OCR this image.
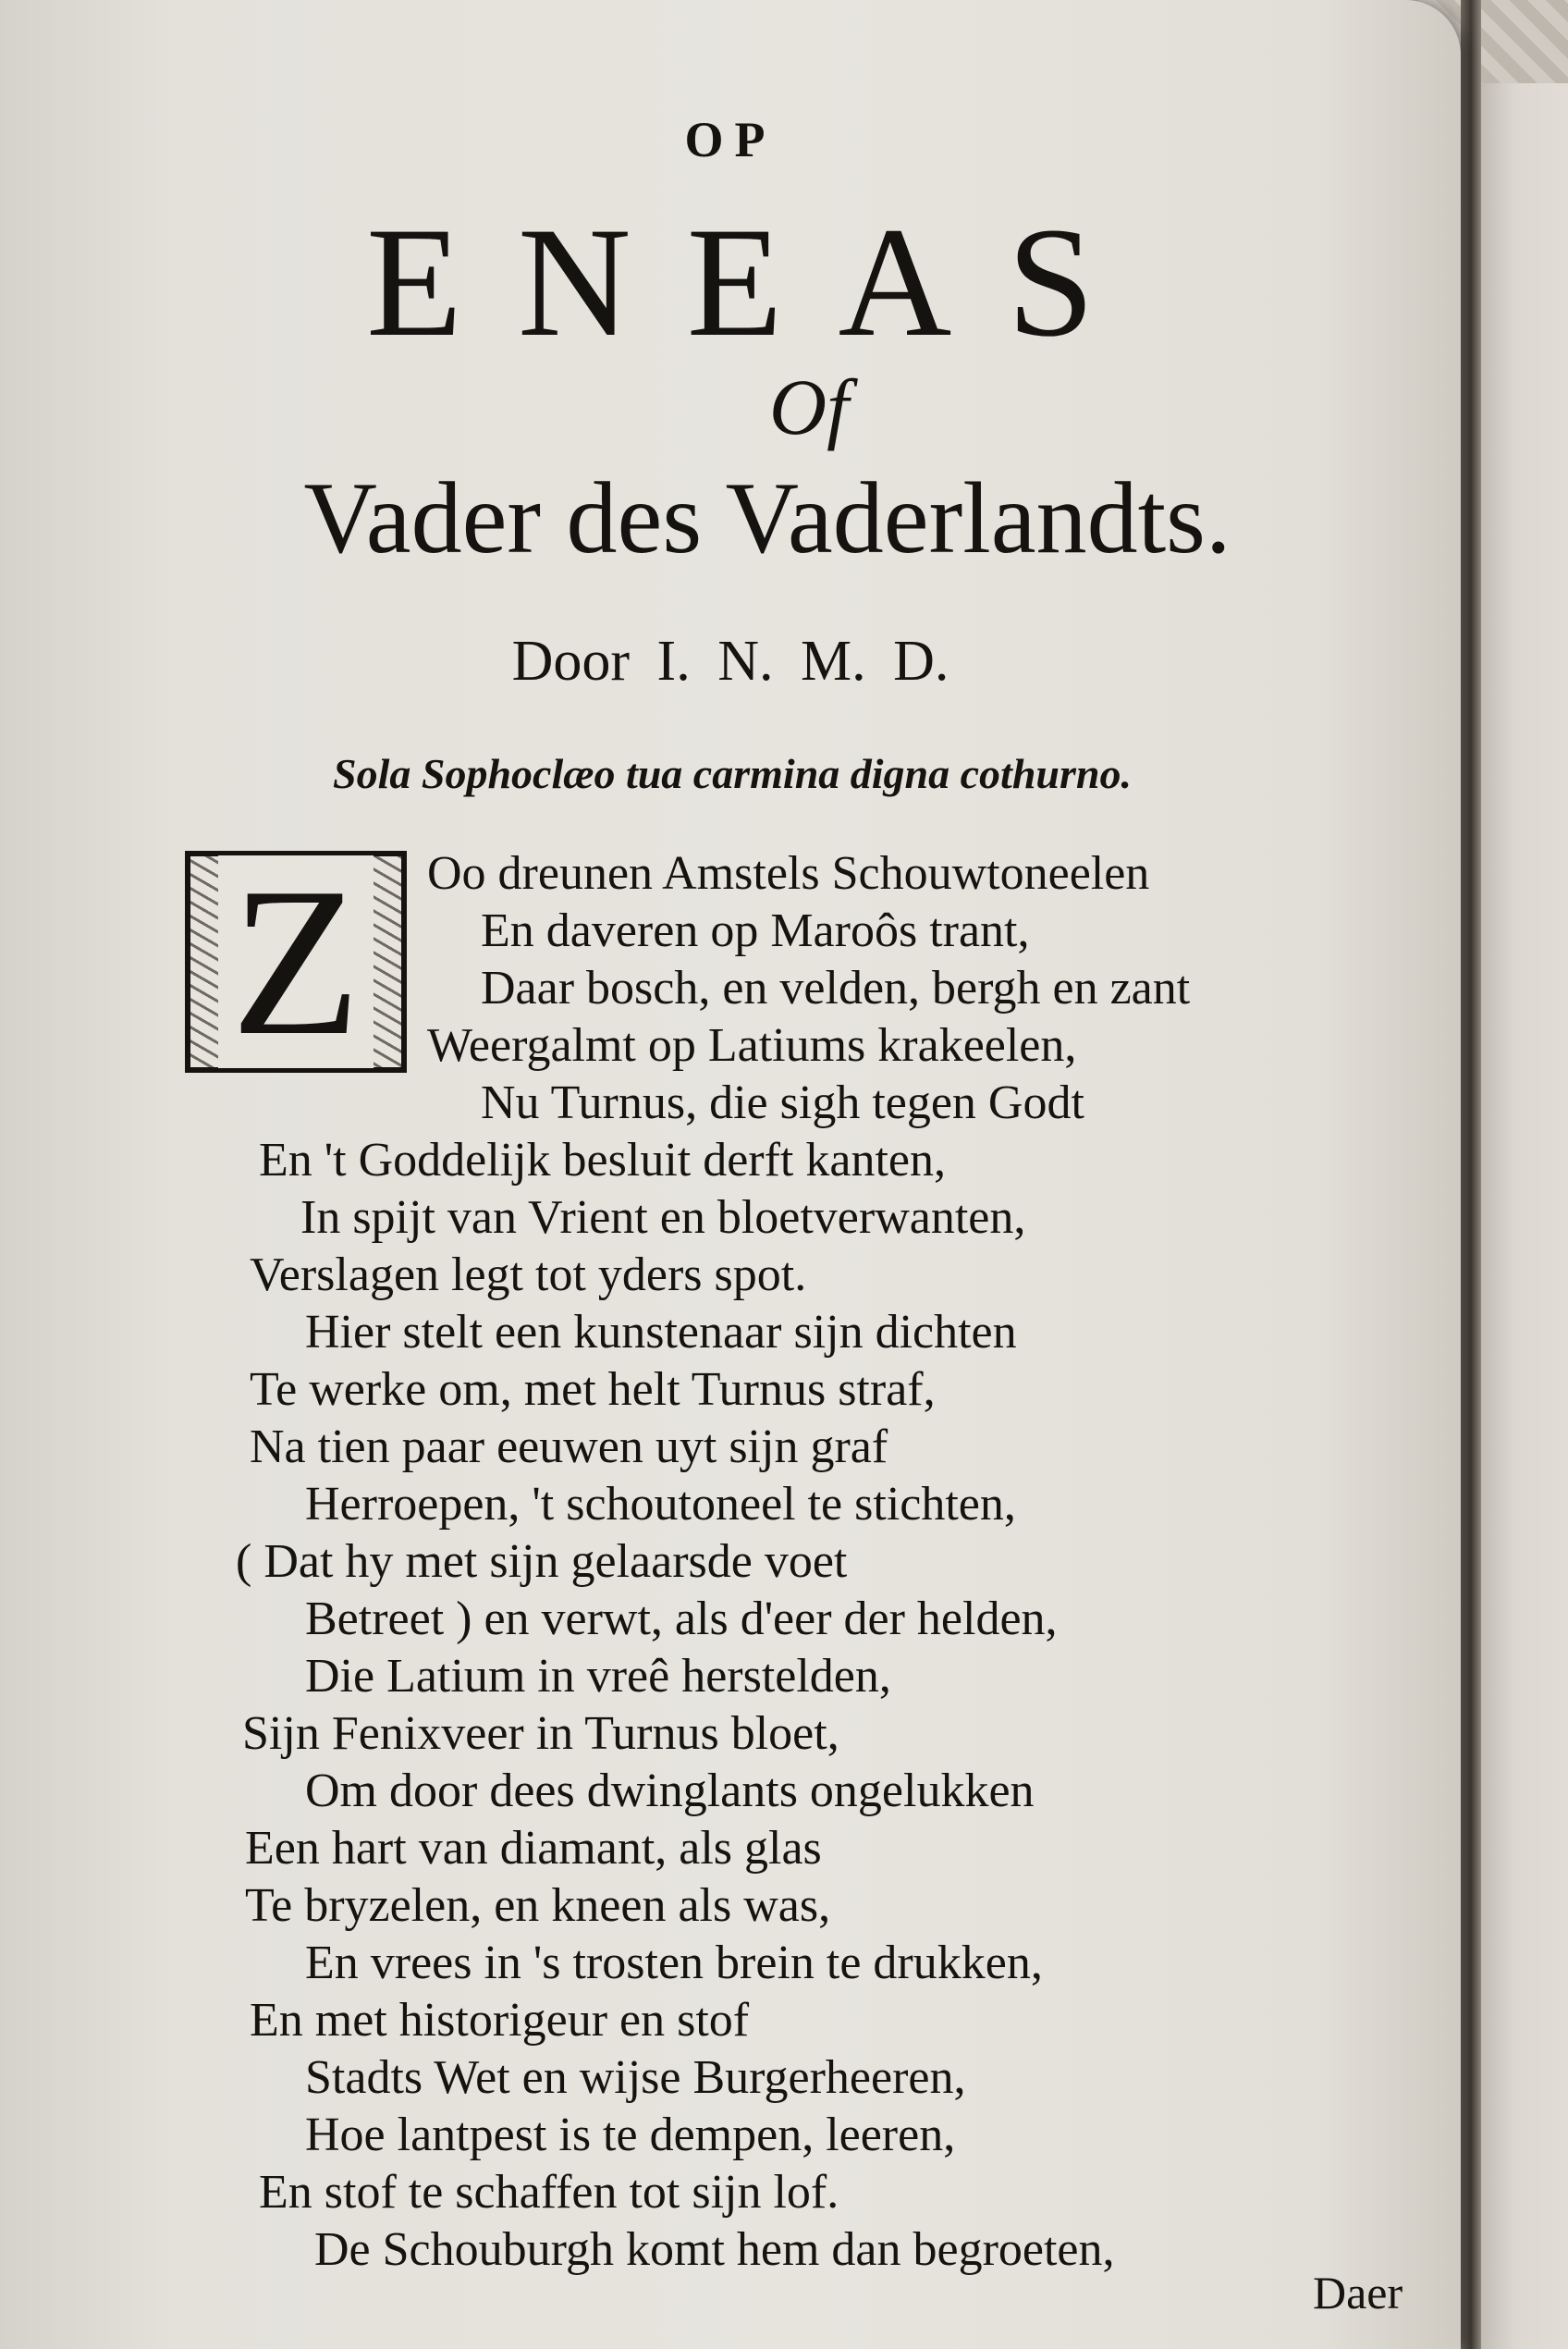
OP
ENEAS
Of
Vader des Vaderlandts.
Door I. N. M. D.
Sola Sophoclæo tua carmina digna cothurno.
Z Oo dreunen Amstels Schouwtoneelen
En daveren op Maroôs trant,
Daar bosch, en velden, bergh en zant
Weergalmt op Latiums krakeelen,
Nu Turnus, die sigh tegen Godt
En 't Goddelijk besluit derft kanten,
In spijt van Vrient en bloetverwanten,
Verslagen legt tot yders spot.
Hier stelt een kunstenaar sijn dichten
Te werke om, met helt Turnus straf,
Na tien paar eeuwen uyt sijn graf
Herroepen, 't schoutoneel te stichten,
( Dat hy met sijn gelaarsde voet
Betreet ) en verwt, als d'eer der helden,
Die Latium in vreê herstelden,
Sijn Fenixveer in Turnus bloet,
Om door dees dwinglants ongelukken
Een hart van diamant, als glas
Te bryzelen, en kneen als was,
En vrees in 's trosten brein te drukken,
En met historigeur en stof
Stadts Wet en wijse Burgerheeren,
Hoe lantpest is te dempen, leeren,
En stof te schaffen tot sijn lof.
De Schouburgh komt hem dan begroeten,
Daer
